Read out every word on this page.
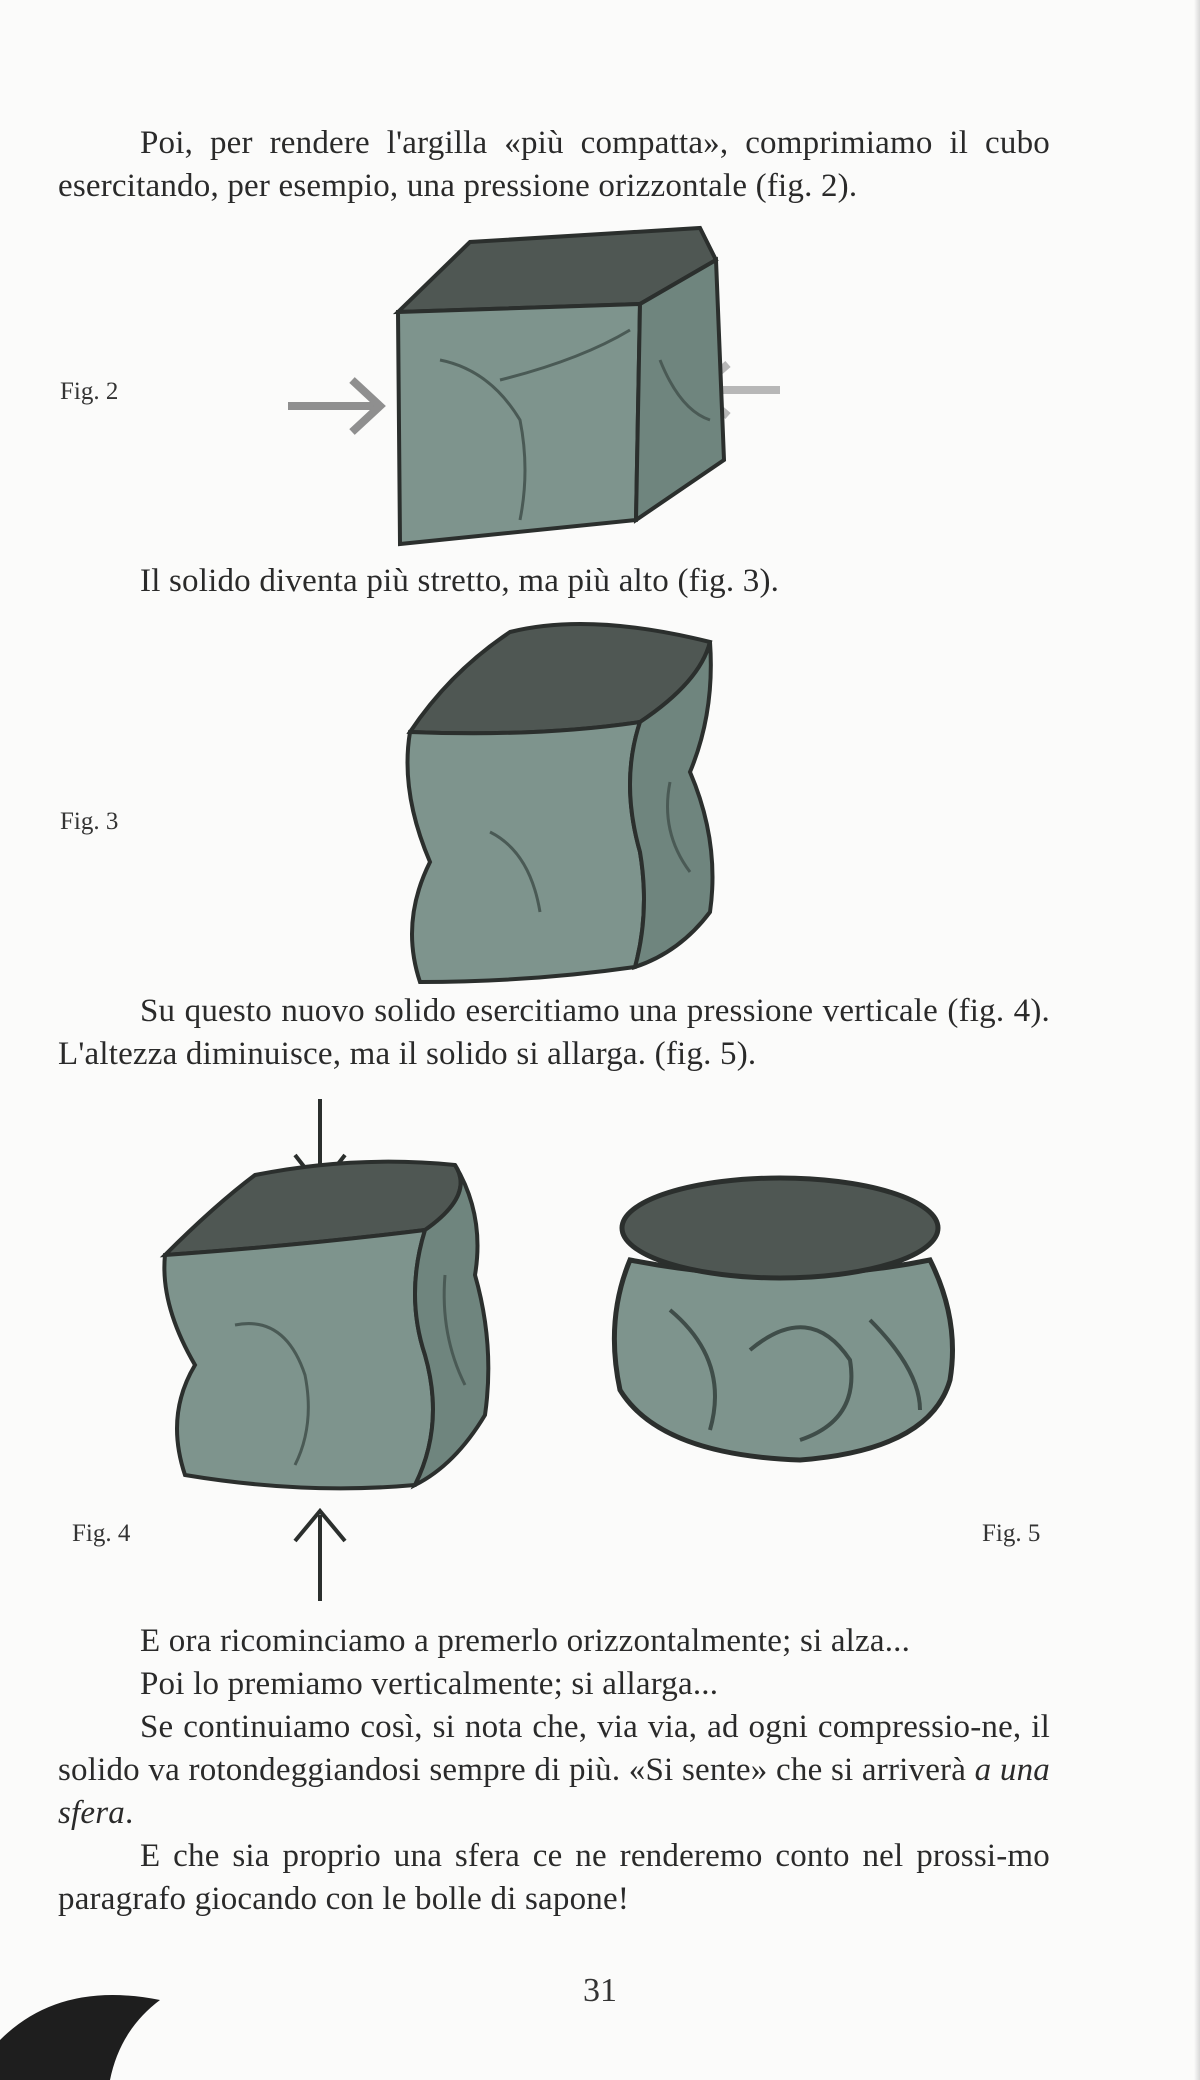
Poi, per rendere l'argilla «più compatta», comprimiamo il cubo esercitando, per esempio, una pressione orizzontale (fig. 2).
Fig. 2
Il solido diventa più stretto, ma più alto (fig. 3).
Fig. 3
Su questo nuovo solido esercitiamo una pressione verticale (fig. 4). L'altezza diminuisce, ma il solido si allarga. (fig. 5).
Fig. 4	Fig. 5
E ora ricominciamo a premerlo orizzontalmente; si alza...
Poi lo premiamo verticalmente; si allarga...
Se continuiamo così, si nota che, via via, ad ogni compressio-ne, il solido va rotondeggiandosi sempre di più. «Si sente» che si arriverà a una sfera.
E che sia proprio una sfera ce ne renderemo conto nel prossi-mo paragrafo giocando con le bolle di sapone!
31
